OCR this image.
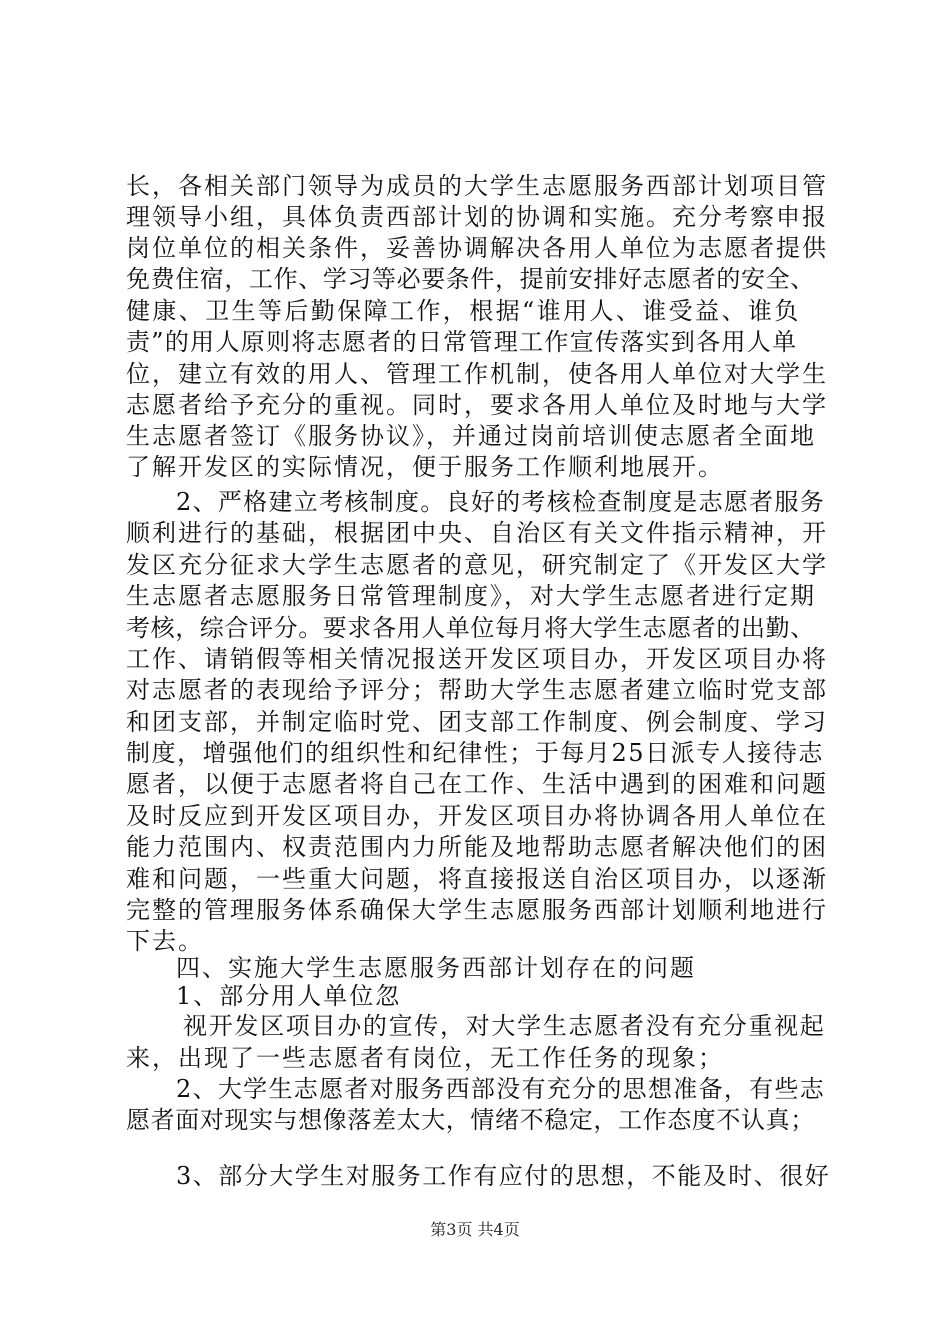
长，各相关部门领导为成员的大学生志愿服务西部计划项目管
理领导小组，具体负责西部计划的协调和实施。充分考察申报
岗位单位的相关条件，妥善协调解决各用人单位为志愿者提供
免费住宿，工作、学习等必要条件，提前安排好志愿者的安全、
健康、卫生等后勤保障工作，根据“谁用人、谁受益、谁负
责”的用人原则将志愿者的日常管理工作宣传落实到各用人单
位，建立有效的用人、管理工作机制，使各用人单位对大学生
志愿者给予充分的重视。同时，要求各用人单位及时地与大学
生志愿者签订《服务协议》，并通过岗前培训使志愿者全面地
了解开发区的实际情况，便于服务工作顺利地展开。
2、严格建立考核制度。良好的考核检查制度是志愿者服务
顺利进行的基础，根据团中央、自治区有关文件指示精神，开
发区充分征求大学生志愿者的意见，研究制定了《开发区大学
生志愿者志愿服务日常管理制度》，对大学生志愿者进行定期
考核，综合评分。要求各用人单位每月将大学生志愿者的出勤、
工作、请销假等相关情况报送开发区项目办，开发区项目办将
对志愿者的表现给予评分；帮助大学生志愿者建立临时党支部
和团支部，并制定临时党、团支部工作制度、例会制度、学习
制度，增强他们的组织性和纪律性；于每月25日派专人接待志
愿者，以便于志愿者将自己在工作、生活中遇到的困难和问题
及时反应到开发区项目办，开发区项目办将协调各用人单位在
能力范围内、权责范围内力所能及地帮助志愿者解决他们的困
难和问题，一些重大问题，将直接报送自治区项目办，以逐渐
完整的管理服务体系确保大学生志愿服务西部计划顺利地进行
下去。
四、实施大学生志愿服务西部计划存在的问题
1、部分用人单位忽
视开发区项目办的宣传，对大学生志愿者没有充分重视起
来，出现了一些志愿者有岗位，无工作任务的现象；
2、大学生志愿者对服务西部没有充分的思想准备，有些志
愿者面对现实与想像落差太大，情绪不稳定，工作态度不认真；
3、部分大学生对服务工作有应付的思想，不能及时、很好
第3页 共4页
